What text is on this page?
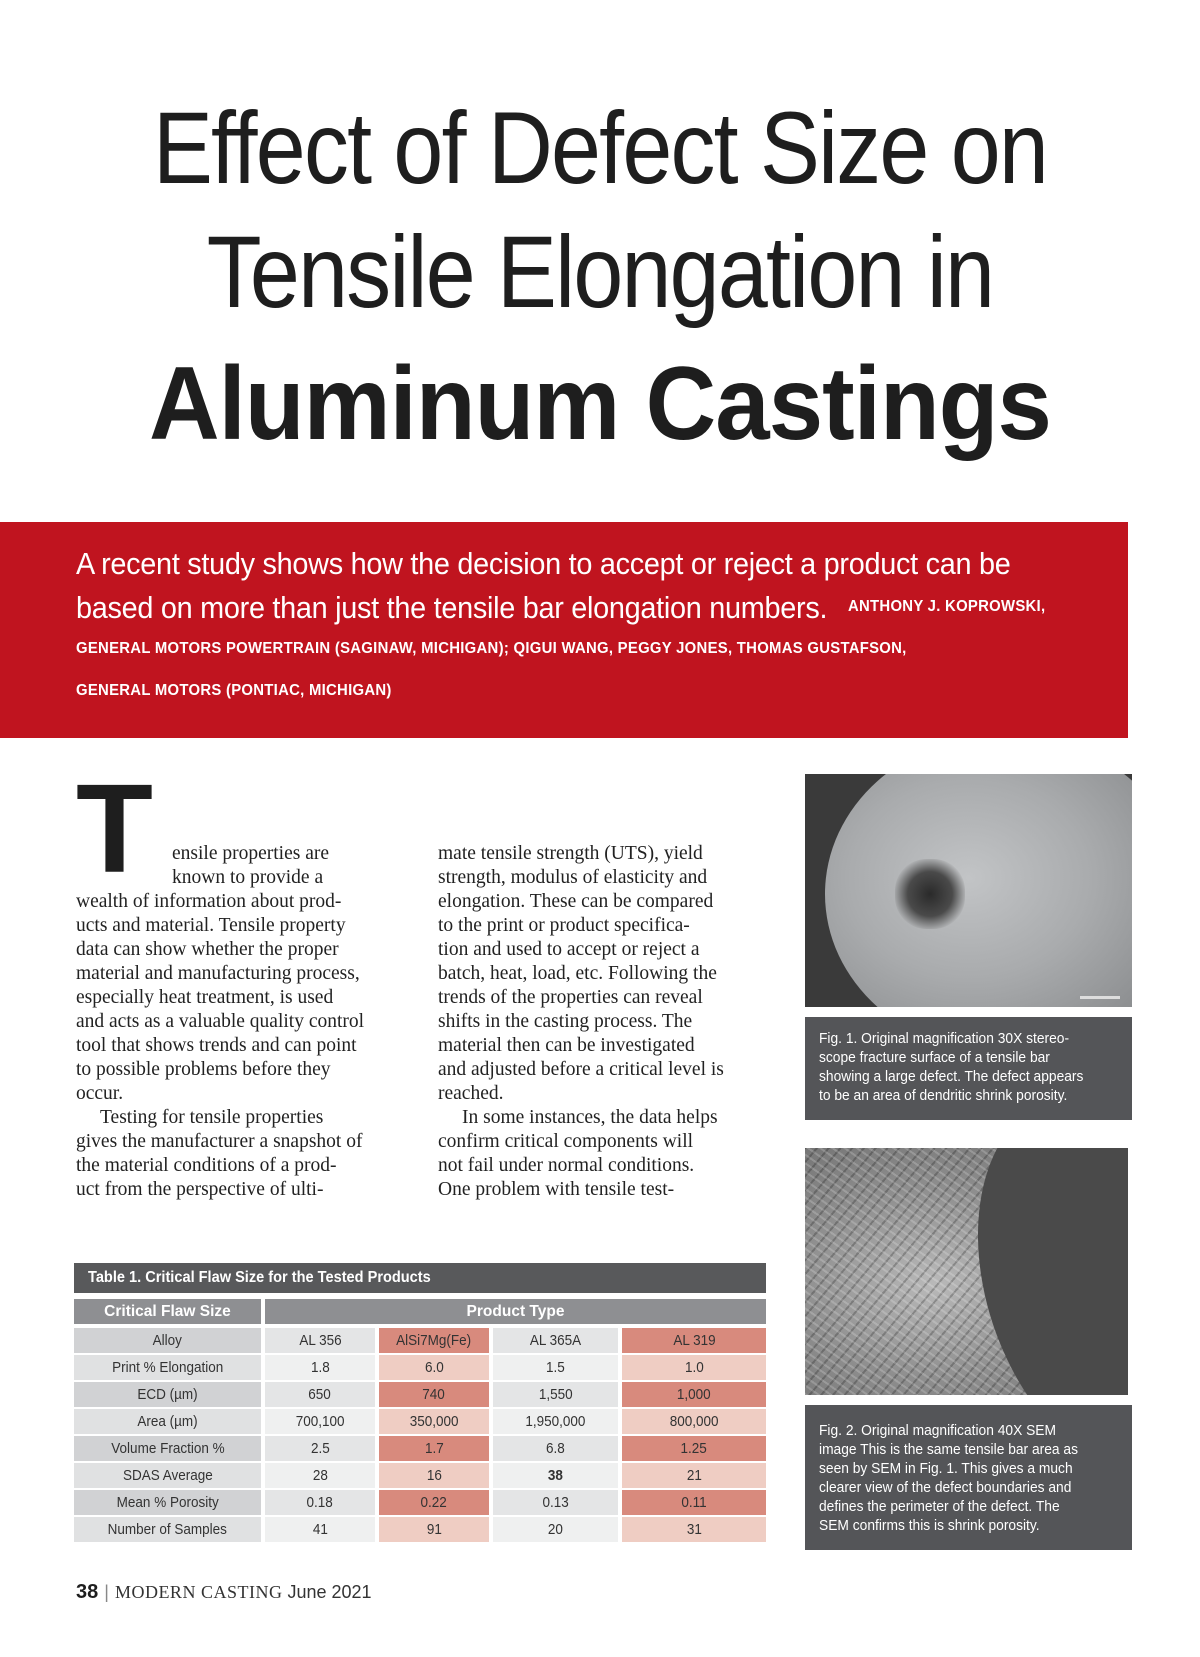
Effect of Defect Size on
Tensile Elongation in
Aluminum Castings
A recent study shows how the decision to accept or reject a product can be
based on more than just the tensile bar elongation numbers.	ANTHONY J. KOPROWSKI,
GENERAL MOTORS POWERTRAIN (SAGINAW, MICHIGAN); QIGUI WANG, PEGGY JONES, THOMAS GUSTAFSON,
GENERAL MOTORS (PONTIAC, MICHIGAN)
T ensile properties are
known to provide a
wealth of information about prod-
ucts and material. Tensile property
data can show whether the proper
material and manufacturing process,
especially heat treatment, is used
and acts as a valuable quality control
tool that shows trends and can point
to possible problems before they
occur.
Testing for tensile properties
gives the manufacturer a snapshot of
the material conditions of a prod-
uct from the perspective of ulti-
mate tensile strength (UTS), yield
strength, modulus of elasticity and
elongation. These can be compared
to the print or product specifica-
tion and used to accept or reject a
batch, heat, load, etc. Following the
trends of the properties can reveal
shifts in the casting process. The
material then can be investigated
and adjusted before a critical level is
reached.
In some instances, the data helps
confirm critical components will
not fail under normal conditions.
One problem with tensile test-
Fig. 1. Original magnification 30X stereo-
scope fracture surface of a tensile bar
showing a large defect. The defect appears
to be an area of dendritic shrink porosity.
Fig. 2. Original magnification 40X SEM
image This is the same tensile bar area as
seen by SEM in Fig. 1. This gives a much
clearer view of the defect boundaries and
defines the perimeter of the defect. The
SEM confirms this is shrink porosity.
Table 1. Critical Flaw Size for the Tested Products
Critical Flaw Size	Product Type
Alloy	AL 356	AlSi7Mg(Fe)	AL 365A	AL 319
Print % Elongation	1.8	6.0	1.5	1.0
ECD (µm)	650	740	1,550	1,000
Area (µm)	700,100	350,000	1,950,000	800,000
Volume Fraction %	2.5	1.7	6.8	1.25
SDAS Average	28	16	38	21
Mean % Porosity	0.18	0.22	0.13	0.11
Number of Samples	41	91	20	31
38 | MODERN CASTING June 2021
